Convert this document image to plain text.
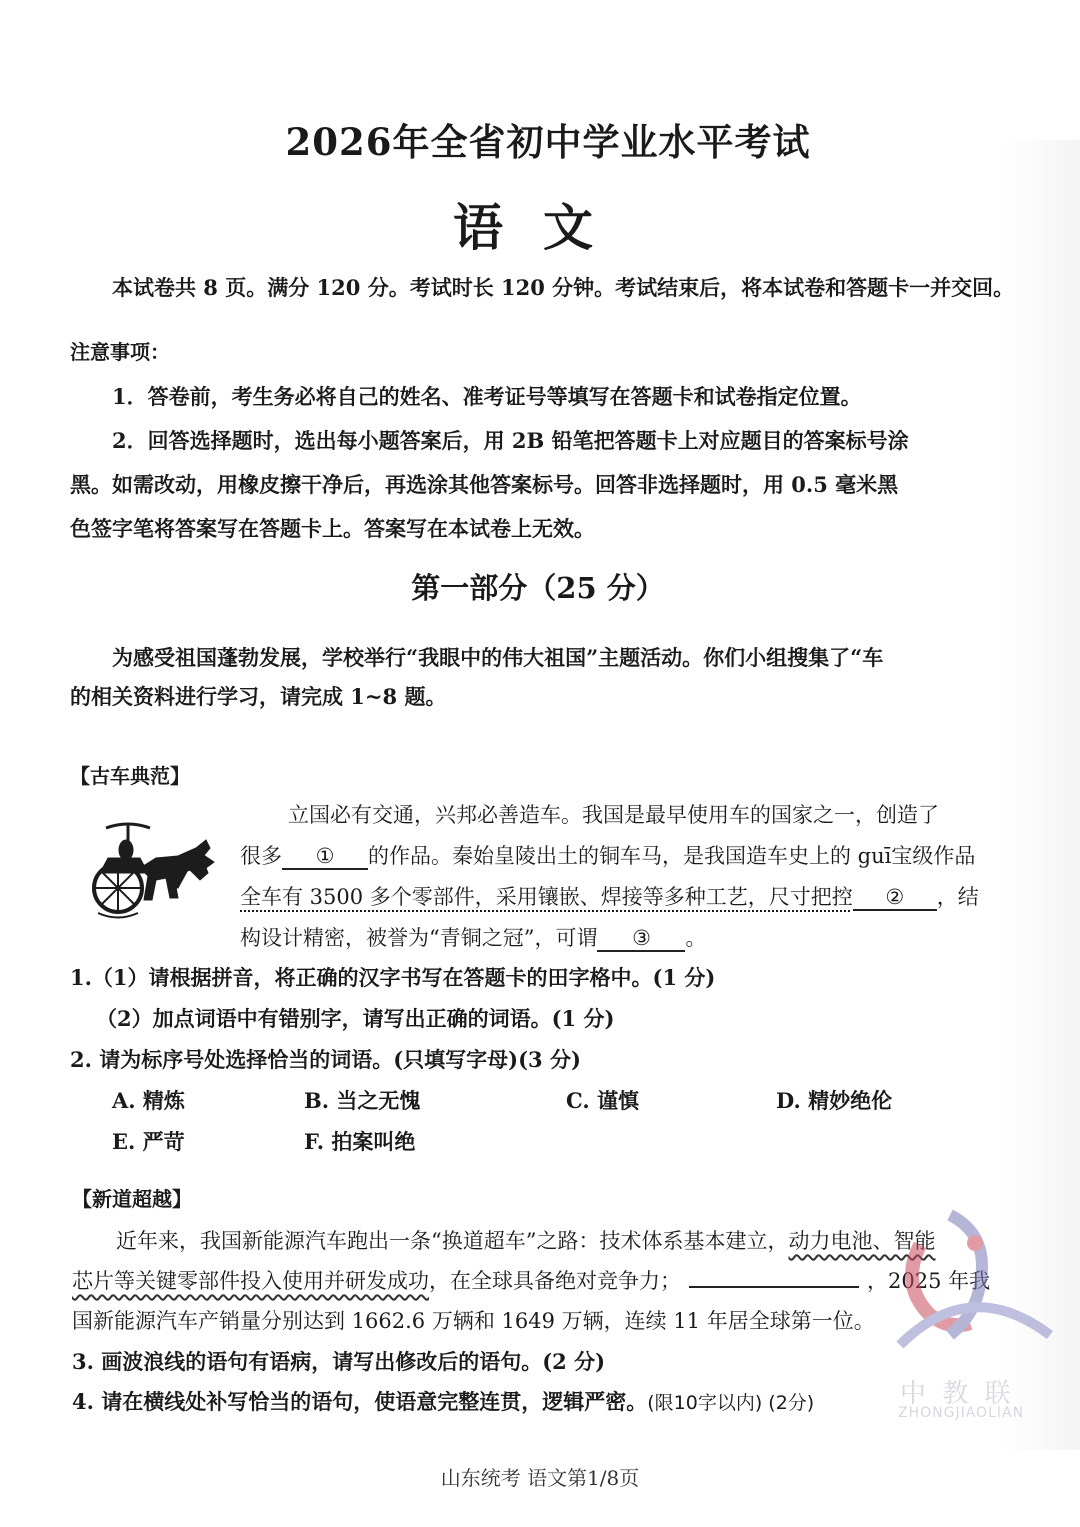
2026年全省初中学业水平考试
语文
本试卷共 8 页。满分 120 分。考试时长 120 分钟。考试结束后，将本试卷和答题卡一并交回。
注意事项：
1．答卷前，考生务必将自己的姓名、准考证号等填写在答题卡和试卷指定位置。
2．回答选择题时，选出每小题答案后，用 2B 铅笔把答题卡上对应题目的答案标号涂
黑。如需改动，用橡皮擦干净后，再选涂其他答案标号。回答非选择题时，用 0.5 毫米黑
色签字笔将答案写在答题卡上。答案写在本试卷上无效。
第一部分（25 分）
为感受祖国蓬勃发展，学校举行“我眼中的伟大祖国”主题活动。你们小组搜集了“车
的相关资料进行学习，请完成 1~8 题。
【古车典范】
立国必有交通，兴邦必善造车。我国是最早使用车的国家之一，创造了
很多 ① 的作品。秦始皇陵出土的铜车马，是我国造车史上的 guī宝级作品
全车有 3500 多个零部件，采用镶嵌、焊接等多种工艺，尺寸把控 ② ，结
构设计精密，被誉为“青铜之冠”，可谓 ③ 。
1.（1）请根据拼音，将正确的汉字书写在答题卡的田字格中。(1 分)
（2）加点词语中有错别字，请写出正确的词语。(1 分)
2. 请为标序号处选择恰当的词语。(只填写字母)(3 分)
A. 精炼	B. 当之无愧	C. 谨慎	D. 精妙绝伦
E. 严苛	F. 拍案叫绝
【新道超越】
近年来，我国新能源汽车跑出一条“换道超车”之路：技术体系基本建立，动力电池、智能
芯片等关键零部件投入使用并研发成功，在全球具备绝对竞争力；	，2025 年我
国新能源汽车产销量分别达到 1662.6 万辆和 1649 万辆，连续 11 年居全球第一位。
3. 画波浪线的语句有语病，请写出修改后的语句。(2 分)
4. 请在横线处补写恰当的语句，使语意完整连贯，逻辑严密。(限10字以内) (2分)	中 教 联
ZHONGJIAOLIAN
山东统考 语文第1/8页
